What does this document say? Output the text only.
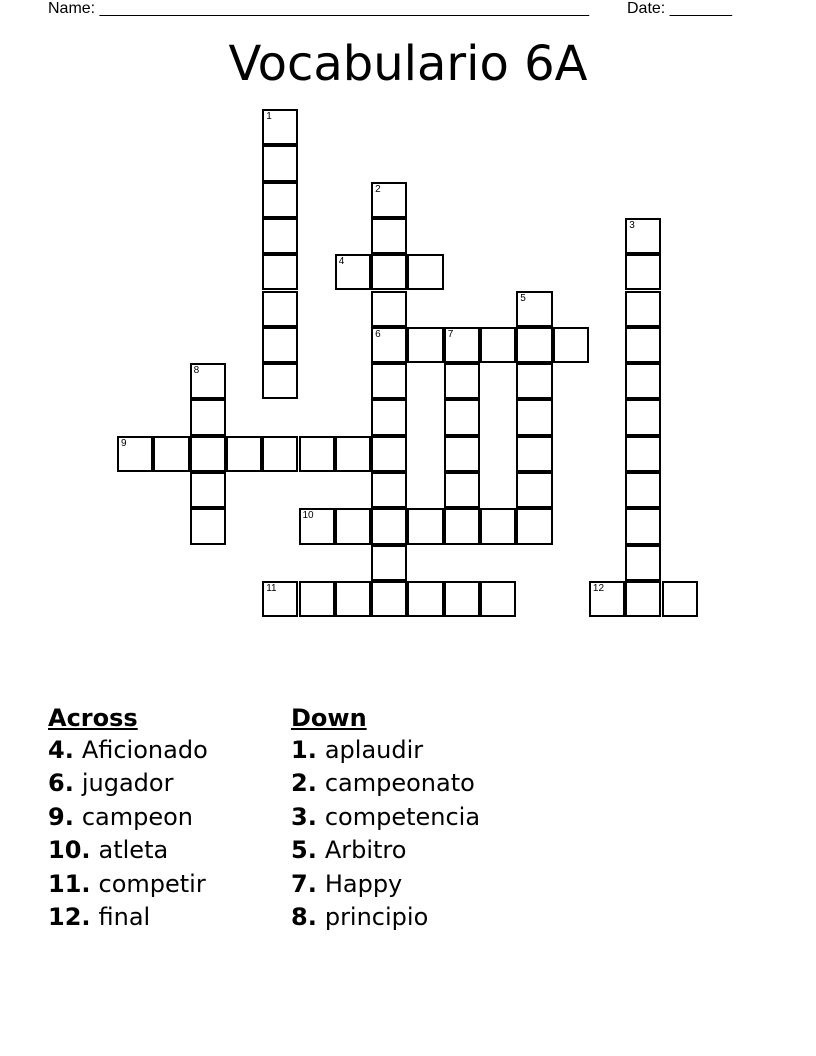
Name: _______________________________________________________ Date: _______
Vocabulario 6A
1
2
6
3
4
5
7
8
9
10
11	12
Across
4. Aficionado
6. jugador
9. campeon
10. atleta
11. competir
12. final
Down
1. aplaudir
2. campeonato
3. competencia
5. Arbitro
7. Happy
8. principio
